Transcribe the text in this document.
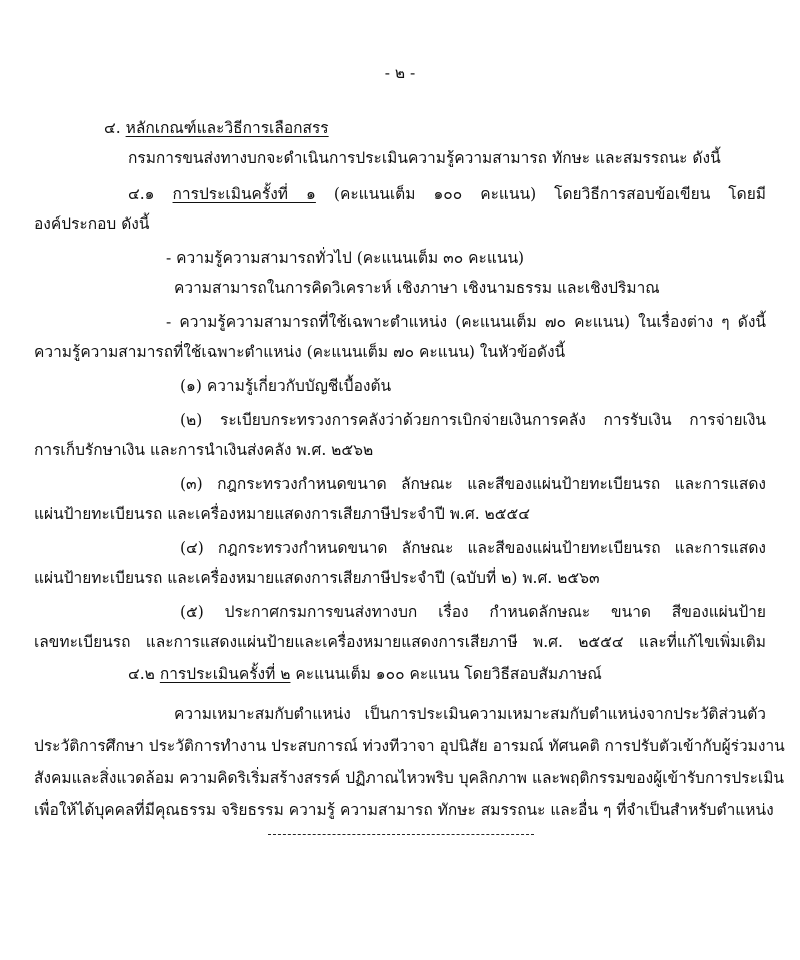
- ๒ -
๔. หลักเกณฑ์และวิธีการเลือกสรร
กรมการขนส่งทางบกจะดำเนินการประเมินความรู้ความสามารถ ทักษะ และสมรรถนะ ดังนี้
๔.๑ การประเมินครั้งที่ ๑ (คะแนนเต็ม ๑๐๐ คะแนน) โดยวิธีการสอบข้อเขียน โดยมี
องค์ประกอบ ดังนี้
- ความรู้ความสามารถทั่วไป (คะแนนเต็ม ๓๐ คะแนน)
ความสามารถในการคิดวิเคราะห์ เชิงภาษา เชิงนามธรรม และเชิงปริมาณ
- ความรู้ความสามารถที่ใช้เฉพาะตำแหน่ง (คะแนนเต็ม ๗๐ คะแนน) ในเรื่องต่าง ๆ ดังนี้
ความรู้ความสามารถที่ใช้เฉพาะตำแหน่ง (คะแนนเต็ม ๗๐ คะแนน) ในหัวข้อดังนี้
(๑) ความรู้เกี่ยวกับบัญชีเบื้องต้น
(๒) ระเบียบกระทรวงการคลังว่าด้วยการเบิกจ่ายเงินการคลัง การรับเงิน การจ่ายเงิน
การเก็บรักษาเงิน และการนำเงินส่งคลัง พ.ศ. ๒๕๖๒
(๓) กฎกระทรวงกำหนดขนาด ลักษณะ และสีของแผ่นป้ายทะเบียนรถ และการแสดง
แผ่นป้ายทะเบียนรถ และเครื่องหมายแสดงการเสียภาษีประจำปี พ.ศ. ๒๕๕๔
(๔) กฎกระทรวงกำหนดขนาด ลักษณะ และสีของแผ่นป้ายทะเบียนรถ และการแสดง
แผ่นป้ายทะเบียนรถ และเครื่องหมายแสดงการเสียภาษีประจำปี (ฉบับที่ ๒) พ.ศ. ๒๕๖๓
(๕) ประกาศกรมการขนส่งทางบก เรื่อง กำหนดลักษณะ ขนาด สีของแผ่นป้าย
เลขทะเบียนรถ และการแสดงแผ่นป้ายและเครื่องหมายแสดงการเสียภาษี พ.ศ. ๒๕๕๔ และที่แก้ไขเพิ่มเติม
๔.๒ การประเมินครั้งที่ ๒ คะแนนเต็ม ๑๐๐ คะแนน โดยวิธีสอบสัมภาษณ์
ความเหมาะสมกับตำแหน่ง เป็นการประเมินความเหมาะสมกับตำแหน่งจากประวัติส่วนตัว
ประวัติการศึกษา ประวัติการทำงาน ประสบการณ์ ท่วงทีวาจา อุปนิสัย อารมณ์ ทัศนคติ การปรับตัวเข้ากับผู้ร่วมงาน
สังคมและสิ่งแวดล้อม ความคิดริเริ่มสร้างสรรค์ ปฏิภาณไหวพริบ บุคลิกภาพ และพฤติกรรมของผู้เข้ารับการประเมิน
เพื่อให้ได้บุคคลที่มีคุณธรรม จริยธรรม ความรู้ ความสามารถ ทักษะ สมรรถนะ และอื่น ๆ ที่จำเป็นสำหรับตำแหน่ง
